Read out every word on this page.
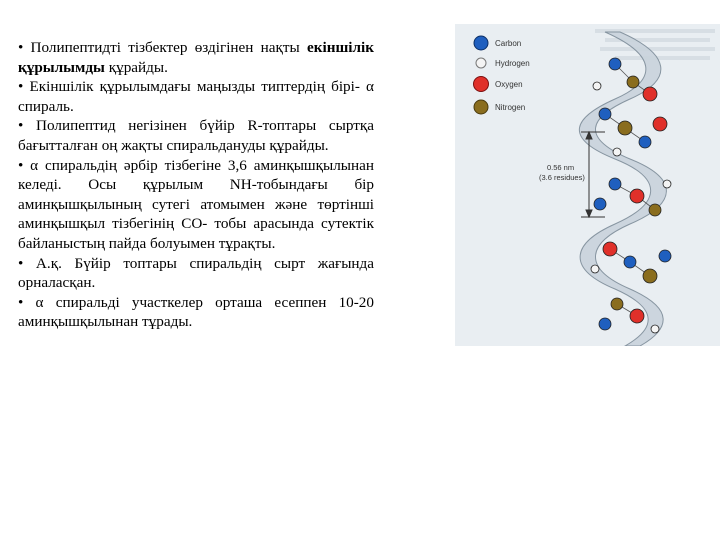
• Полипептидті тізбектер өздігінен нақты екіншілік құрылымды құрайды.

• Екіншілік құрылымдағы маңызды типтердің бірі- α спираль.

• Полипептид негізінен бүйір R-топтары сыртқа бағытталған оң жақты спиральдануды құрайды.

• α спиральдің әрбір тізбегіне 3,6 аминқышқылынан келеді. Осы құрылым NH-тобындағы бір аминқышқылының сутегі атомымен және төртінші аминқышқыл тізбегінің CO- тобы арасында сутектік байланыстың пайда болуымен тұрақты.

• А.қ. Бүйір топтары спиральдің сырт жағында орналасқан.

• α спиральді участкелер орташа есеппен 10-20 аминқышқылынан тұрады.

Carbon
Hydrogen
Oxygen
Nitrogen
0.56 nm
(3.6 residues)
